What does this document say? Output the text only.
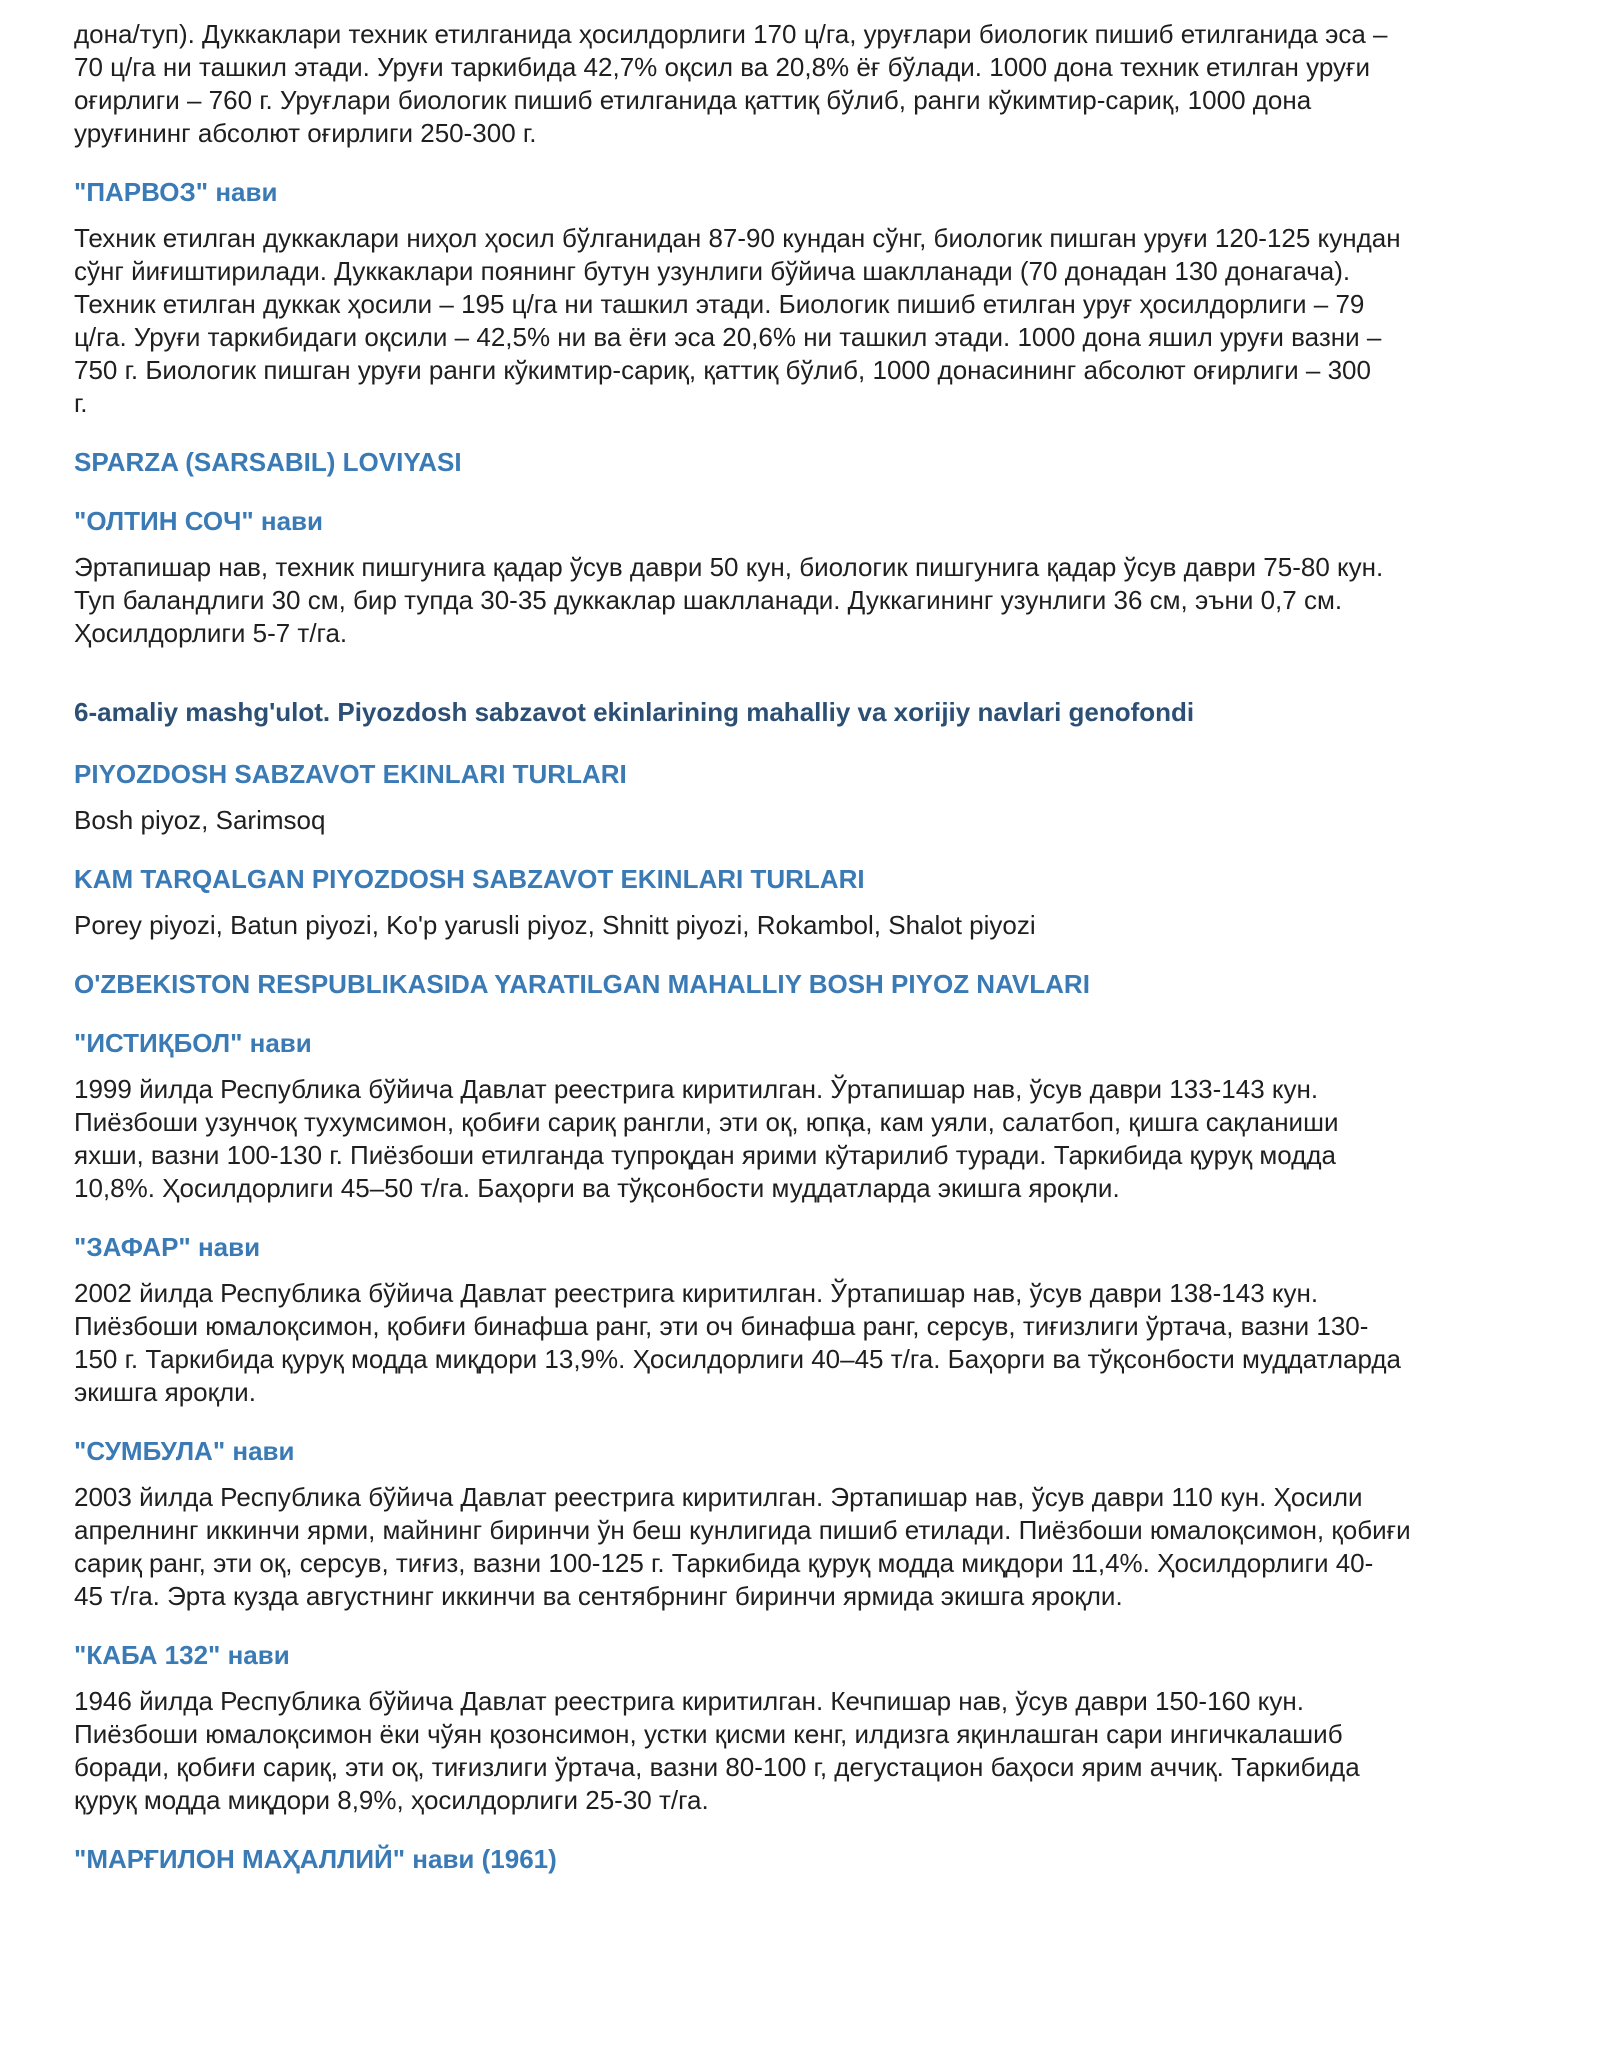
дона/туп). Дуккаклари техник етилганида ҳосилдорлиги 170 ц/га, уруғлари биологик пишиб етилганида эса –
70 ц/га ни ташкил этади. Уруғи таркибида 42,7% оқсил ва 20,8% ёғ бўлади. 1000 дона техник етилган уруғи
оғирлиги – 760 г. Уруғлари биологик пишиб етилганида қаттиқ бўлиб, ранги кўкимтир-сариқ, 1000 дона
уруғининг абсолют оғирлиги 250-300 г.
"ПАРВОЗ" нави
Техник етилган дуккаклари ниҳол ҳосил бўлганидан 87-90 кундан сўнг, биологик пишган уруғи 120-125 кундан
сўнг йиғиштирилади. Дуккаклари поянинг бутун узунлиги бўйича шаклланади (70 донадан 130 донагача).
Техник етилган дуккак ҳосили – 195 ц/га ни ташкил этади. Биологик пишиб етилган уруғ ҳосилдорлиги – 79
ц/га. Уруғи таркибидаги оқсили – 42,5% ни ва ёғи эса 20,6% ни ташкил этади. 1000 дона яшил уруғи вазни –
750 г. Биологик пишган уруғи ранги кўкимтир-сариқ, қаттиқ бўлиб, 1000 донасининг абсолют оғирлиги – 300
г.
SPARZA (SARSABIL) LOVIYASI
"ОЛТИН СОЧ" нави
Эртапишар нав, техник пишгунига қадар ўсув даври 50 кун, биологик пишгунига қадар ўсув даври 75-80 кун.
Туп баландлиги 30 см, бир тупда 30-35 дуккаклар шаклланади. Дуккагининг узунлиги 36 см, эъни 0,7 см.
Ҳосилдорлиги 5-7 т/га.
6-amaliy mashg'ulot. Piyozdosh sabzavot ekinlarining mahalliy va xorijiy navlari genofondi
PIYOZDOSH SABZAVOT EKINLARI TURLARI
Bosh piyoz, Sarimsoq
KAM TARQALGAN PIYOZDOSH SABZAVOT EKINLARI TURLARI
Porey piyozi, Batun piyozi, Ko'p yarusli piyoz, Shnitt piyozi, Rokambol, Shalot piyozi
O'ZBEKISTON RESPUBLIKASIDA YARATILGAN MAHALLIY BOSH PIYOZ NAVLARI
"ИСТИҚБОЛ" нави
1999 йилда Республика бўйича Давлат реестрига киритилган. Ўртапишар нав, ўсув даври 133-143 кун.
Пиёзбоши узунчоқ тухумсимон, қобиғи сариқ рангли, эти оқ, юпқа, кам уяли, салатбоп, қишга сақланиши
яхши, вазни 100-130 г. Пиёзбоши етилганда тупроқдан ярими кўтарилиб туради. Таркибида қуруқ модда
10,8%. Ҳосилдорлиги 45–50 т/га. Баҳорги ва тўқсонбости муддатларда экишга яроқли.
"ЗАФАР" нави
2002 йилда Республика бўйича Давлат реестрига киритилган. Ўртапишар нав, ўсув даври 138-143 кун.
Пиёзбоши юмалоқсимон, қобиғи бинафша ранг, эти оч бинафша ранг, серсув, тиғизлиги ўртача, вазни 130-
150 г. Таркибида қуруқ модда миқдори 13,9%. Ҳосилдорлиги 40–45 т/га. Баҳорги ва тўқсонбости муддатларда
экишга яроқли.
"СУМБУЛА" нави
2003 йилда Республика бўйича Давлат реестрига киритилган. Эртапишар нав, ўсув даври 110 кун. Ҳосили
апрелнинг иккинчи ярми, майнинг биринчи ўн беш кунлигида пишиб етилади. Пиёзбоши юмалоқсимон, қобиғи
сариқ ранг, эти оқ, серсув, тиғиз, вазни 100-125 г. Таркибида қуруқ модда миқдори 11,4%. Ҳосилдорлиги 40-
45 т/га. Эрта кузда августнинг иккинчи ва сентябрнинг биринчи ярмида экишга яроқли.
"КАБА 132" нави
1946 йилда Республика бўйича Давлат реестрига киритилган. Кечпишар нав, ўсув даври 150-160 кун.
Пиёзбоши юмалоқсимон ёки чўян қозонсимон, устки қисми кенг, илдизга яқинлашган сари ингичкалашиб
боради, қобиғи сариқ, эти оқ, тиғизлиги ўртача, вазни 80-100 г, дегустацион баҳоси ярим аччиқ. Таркибида
қуруқ модда миқдори 8,9%, ҳосилдорлиги 25-30 т/га.
"МАРҒИЛОН МАҲАЛЛИЙ" нави (1961)
